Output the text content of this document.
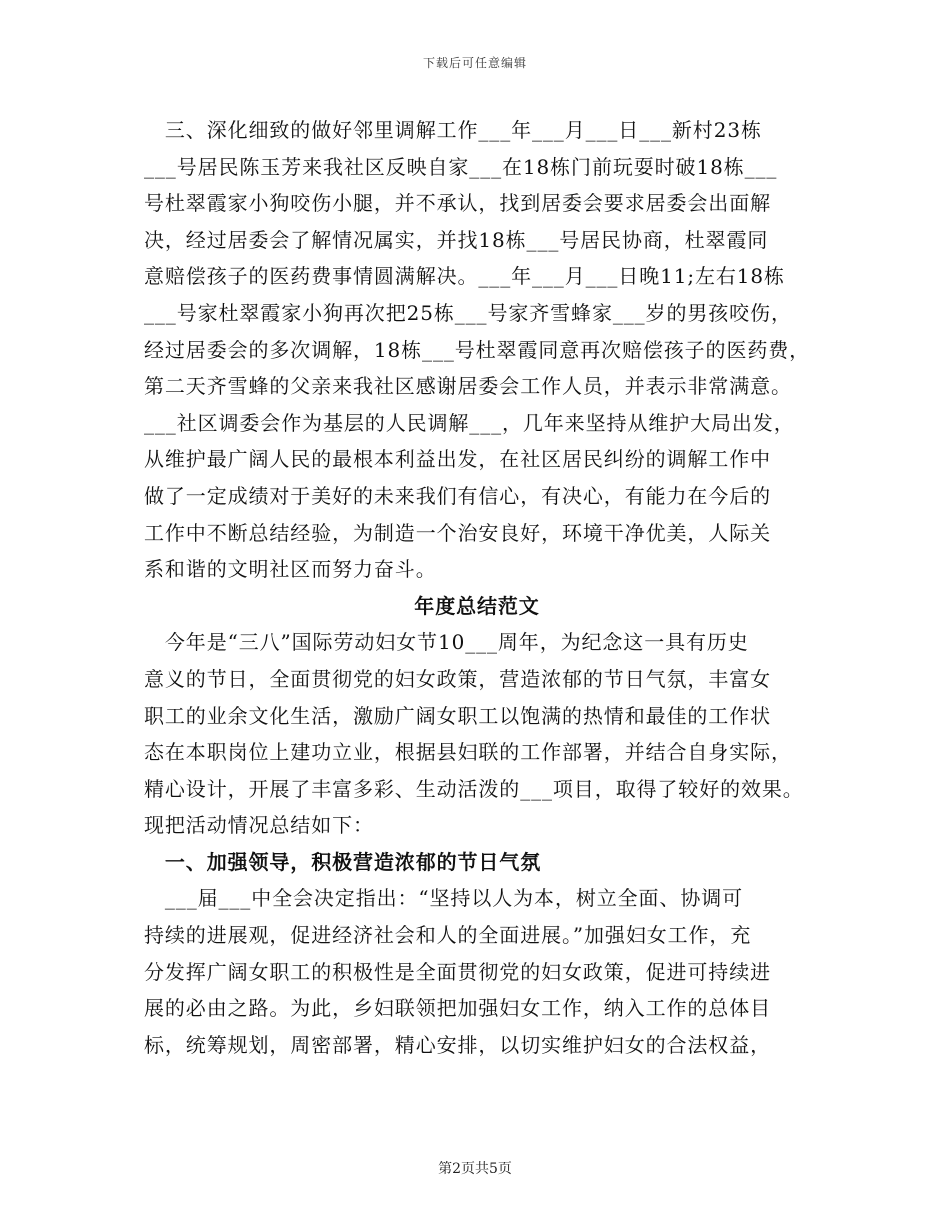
下载后可任意编辑
　三、深化细致的做好邻里调解工作___年___月___日___新村23栋
___号居民陈玉芳来我社区反映自家___在18栋门前玩耍时破18栋___
号杜翠霞家小狗咬伤小腿，并不承认，找到居委会要求居委会出面解
决，经过居委会了解情况属实，并找18栋___号居民协商，杜翠霞同
意赔偿孩子的医药费事情圆满解决。___年___月___日晚11;左右18栋
___号家杜翠霞家小狗再次把25栋___号家齐雪蜂家___岁的男孩咬伤，
经过居委会的多次调解，18栋___号杜翠霞同意再次赔偿孩子的医药费，
第二天齐雪蜂的父亲来我社区感谢居委会工作人员，并表示非常满意。
___社区调委会作为基层的人民调解___，几年来坚持从维护大局出发，
从维护最广阔人民的最根本利益出发，在社区居民纠纷的调解工作中
做了一定成绩对于美好的未来我们有信心，有决心，有能力在今后的
工作中不断总结经验，为制造一个治安良好，环境干净优美，人际关
系和谐的文明社区而努力奋斗。
年度总结范文
　今年是“三八”国际劳动妇女节10___周年，为纪念这一具有历史
意义的节日，全面贯彻党的妇女政策，营造浓郁的节日气氛，丰富女
职工的业余文化生活，激励广阔女职工以饱满的热情和最佳的工作状
态在本职岗位上建功立业，根据县妇联的工作部署，并结合自身实际，
精心设计，开展了丰富多彩、生动活泼的___项目，取得了较好的效果。
现把活动情况总结如下：
　一、加强领导，积极营造浓郁的节日气氛
　___届___中全会决定指出：“坚持以人为本，树立全面、协调可
持续的进展观，促进经济社会和人的全面进展。”加强妇女工作，充
分发挥广阔女职工的积极性是全面贯彻党的妇女政策，促进可持续进
展的必由之路。为此，乡妇联领把加强妇女工作，纳入工作的总体目
标，统筹规划，周密部署，精心安排，以切实维护妇女的合法权益，
第2页共5页
